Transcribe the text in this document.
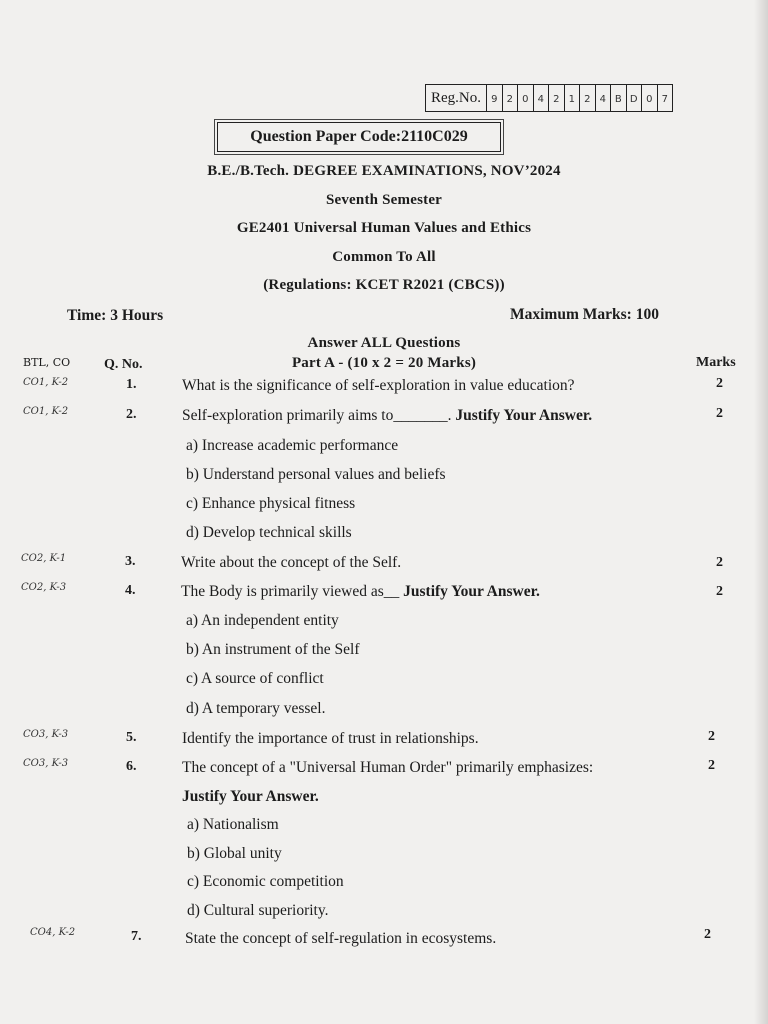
Reg.No.	9 2 0 4 2 1 2 4 B D 0 7
Question Paper Code:2110C029
B.E./B.Tech. DEGREE EXAMINATIONS, NOV’2024
Seventh Semester
GE2401 Universal Human Values and Ethics
Common To All
(Regulations: KCET R2021 (CBCS))
Time: 3 Hours	Maximum Marks: 100
Answer ALL Questions
Part A - (10 x 2 = 20 Marks)
BTL, CO Q. No.	Marks
CO1, K-2	1.	What is the significance of self-exploration in value education?	2
CO1, K-2	2.	Self-exploration primarily aims to_______. Justify Your Answer.	2
a) Increase academic performance
b) Understand personal values and beliefs
c) Enhance physical fitness
d) Develop technical skills
CO2, K-1	3.	Write about the concept of the Self.	2
CO2, K-3	4.	The Body is primarily viewed as__ Justify Your Answer.	2
a) An independent entity
b) An instrument of the Self
c) A source of conflict
d) A temporary vessel.
CO3, K-3	5.	Identify the importance of trust in relationships.	2
CO3, K-3	6.	The concept of a "Universal Human Order" primarily emphasizes:	2
Justify Your Answer.
a) Nationalism
b) Global unity
c) Economic competition
d) Cultural superiority.
CO4, K-2	7.	State the concept of self-regulation in ecosystems.	2
